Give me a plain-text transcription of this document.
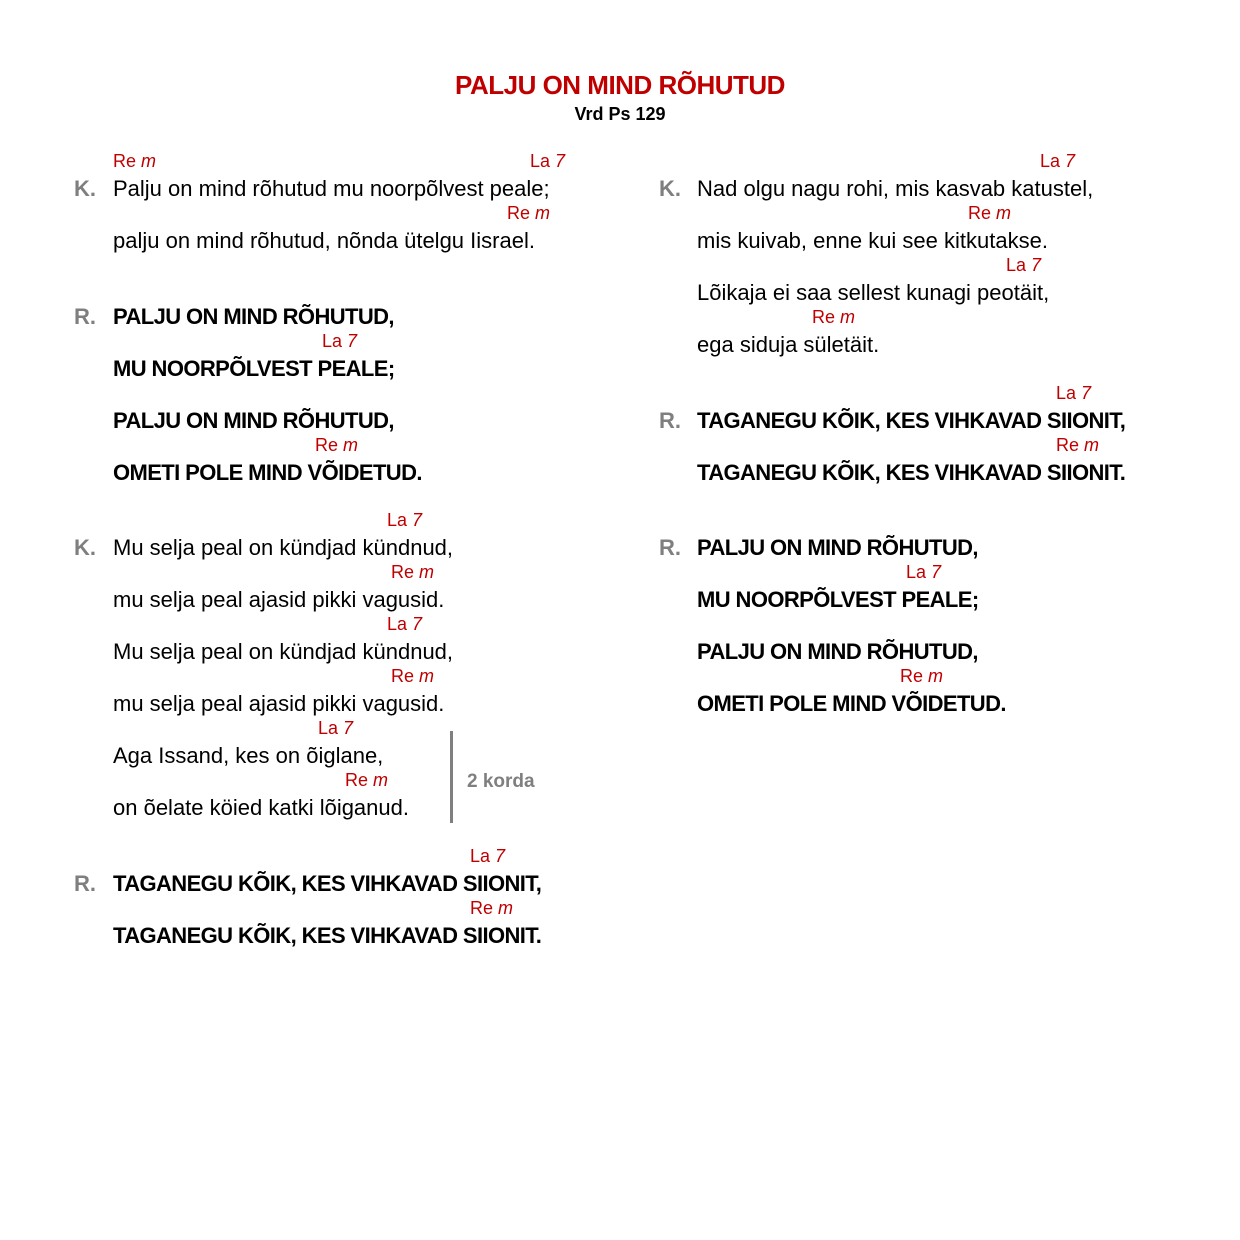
PALJU ON MIND RÕHUTUD
Vrd Ps 129
Re m	La 7
K. Palju on mind rõhutud mu noorpõlvest peale;
Re m
palju on mind rõhutud, nõnda ütelgu Iisrael.
R. PALJU ON MIND RÕHUTUD,
La 7
MU NOORPÕLVEST PEALE;
PALJU ON MIND RÕHUTUD,
Re m
OMETI POLE MIND VÕIDETUD.
La 7
K. Mu selja peal on kündjad kündnud,
Re m
mu selja peal ajasid pikki vagusid.
La 7
Mu selja peal on kündjad kündnud,
Re m
mu selja peal ajasid pikki vagusid.
La 7
Aga Issand, kes on õiglane,
Re m
on õelate köied katki lõiganud.
2 korda
La 7
R. TAGANEGU KÕIK, KES VIHKAVAD SIIONIT,
Re m
TAGANEGU KÕIK, KES VIHKAVAD SIIONIT.
La 7
K. Nad olgu nagu rohi, mis kasvab katustel,
Re m
mis kuivab, enne kui see kitkutakse.
La 7
Lõikaja ei saa sellest kunagi peotäit,
Re m
ega siduja sületäit.
La 7
R. TAGANEGU KÕIK, KES VIHKAVAD SIIONIT,
Re m
TAGANEGU KÕIK, KES VIHKAVAD SIIONIT.
R. PALJU ON MIND RÕHUTUD,
La 7
MU NOORPÕLVEST PEALE;
PALJU ON MIND RÕHUTUD,
Re m
OMETI POLE MIND VÕIDETUD.
